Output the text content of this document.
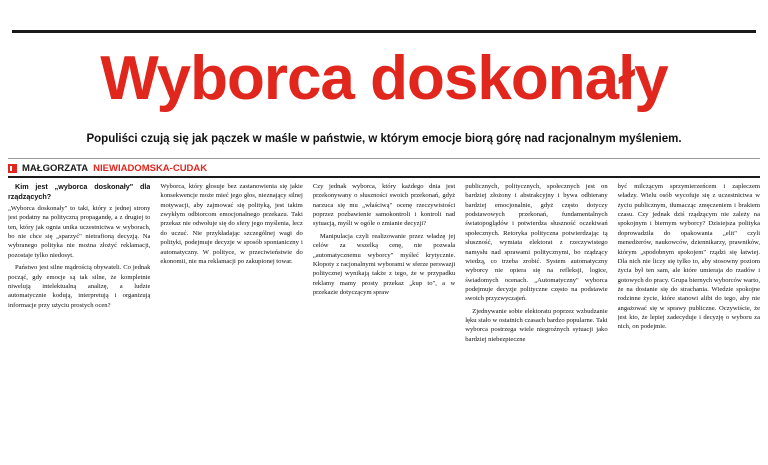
Wyborca doskonały
Populiści czują się jak pączek w maśle w państwie, w którym emocje biorą górę nad racjonalnym myśleniem.
MAŁGORZATA NIEWIADOMSKA-CUDAK

Kim jest „wyborca doskonały" dla rządzących?

„Wyborca doskonały" to taki, który z jednej strony jest podatny na polityczną propagandę, a z drugiej to ten, który jak ognia unika uczestnictwa w wyborach, bo nie chce się „sparzyć" nietrafioną decyzją. Na wybranego polityka nie można złożyć reklamacji, pozostaje tylko niedosyt.

Państwo jest silne mądrością obywateli. Co jednak począć, gdy emocje są tak silne, że kompletnie niwelują intelektualną analizę, a ludzie automatycznie kodują, interpretują i organizują informacje przy użyciu prostych ocen?

Wyborca, który głosuje bez zastanowienia się jakie konsekwencje może mieć jego głos, nieznający silnej motywacji, aby zajmować się polityką, jest takim zwykłym odbiorcom emocjonalnego przekazu. Taki przekaz nie odwołuje się do sfery jego myślenia, lecz do uczuć. Nie przykładając szczególnej wagi do polityki, podejmuje decyzje w sposób spontaniczny i automatyczny. W polityce, w przeciwieństwie do ekonomii, nie ma reklamacji po zakupionej towar.

Czy jednak wyborca, który każdego dnia jest przekonywany o słuszności swoich przekonań, gdyż narzuca się mu „właściwą" ocenę rzeczywistości poprzez pozbawienie samokontroli i kontroli nad sytuacją, myśli w ogóle o zmianie decyzji?

Manipulacja czyli realizowanie przez władzę jej celów za wszelką cenę, nie pozwala „automatycznemu wyborcy" myśleć krytycznie. Kłopoty z racjonalnymi wyborami w sferze perswazji politycznej wynikają także z tego, że w przypadku reklamy mamy prosty przekaz „kup to", a w przekazie dotyczącym spraw

publicznych, politycznych, społecznych jest on bardziej złożony i abstrakcyjny i bywa odbierany bardziej emocjonalnie, gdyż często dotyczy podstawowych przekonań, fundamentalnych światopoglądów i potwierdza słuszność oczekiwań społecznych. Retoryka polityczna potwierdzając tą słuszność, wymiata elektorat z rzeczywistego namysłu nad sprawami politycznymi, bo rządzący wiedzą, co trzeba zrobić. System automatyczny wyborcy nie opiera się na refleksji, logice, świadomych ocenach. „Automatyczny" wyborca podejmuje decyzje polityczne często na podstawie swoich przyzwyczajeń.

Zjednywanie sobie elektoratu poprzez wzbudzanie lęku stało w ostatnich czasach bardzo popularne. Taki wyborca postrzega wiele niegroźnych sytuacji jako bardziej niebezpieczne

być milczącym sprzymierzeńcem i zapleczem władzy. Wielu osób wycofuje się z uczestnictwa w życiu publicznym, tłumacząc zmęczeniem i brakiem czasu. Czy jednak dziś rządzącym nie zależy na spokojnym i biernym wyborcy? Dzisiejsza polityka doprowadziła do opakowania „elit" czyli menedżerów, naukowców, dziennikarzy, prawników, którym „spodobnym spokojem" rządzi się łatwiej. Dla nich nie liczy się tylko to, aby stosowny poziom życia był ten sam, ale które umieraja do rzadów i gotowych do pracy. Grupa biernych wyborców warto, że na dostanie się do strachania. Wiedzie spokojne rodzinne życie, które stanowi alibi do tego, aby nie angażować się w sprawy publiczne. Oczywiście, że jest kto, że lepiej zadecyduje i decyzję o wyboru za nich, on podejmie.
